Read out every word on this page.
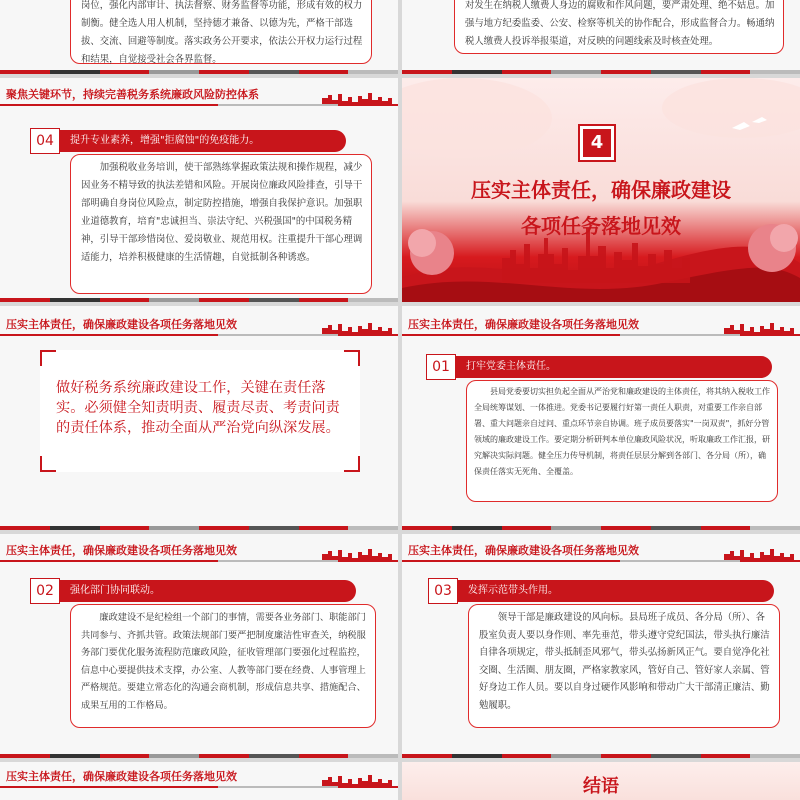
岗位，强化内部审计、执法督察、财务监督等功能，形成有效的权力制衡。健全选人用人机制，坚持德才兼备、以德为先，严格干部选拔、交流、回避等制度。落实政务公开要求，依法公开权力运行过程和结果，自觉接受社会各界监督。

对发生在纳税人缴费人身边的腐败和作风问题，要严肃处理、绝不姑息。加强与地方纪委监委、公安、检察等机关的协作配合，形成监督合力。畅通纳税人缴费人投诉举报渠道，对反映的问题线索及时核查处理。

聚焦关键环节，持续完善税务系统廉政风险防控体系
04	提升专业素养，增强"拒腐蚀"的免疫能力。

加强税收业务培训，使干部熟练掌握政策法规和操作规程，减少因业务不精导致的执法差错和风险。开展岗位廉政风险排查，引导干部明确自身岗位风险点，制定防控措施，增强自我保护意识。加强职业道德教育，培育"忠诚担当、崇法守纪、兴税强国"的中国税务精神，引导干部珍惜岗位、爱岗敬业、规范用权。注重提升干部心理调适能力，培养积极健康的生活情趣，自觉抵制各种诱惑。

4
压实主体责任，确保廉政建设
各项任务落地见效
压实主体责任，确保廉政建设各项任务落地见效
做好税务系统廉政建设工作，关键在责任落实。必须健全知责明责、履责尽责、考责问责的责任体系，推动全面从严治党向纵深发展。
压实主体责任，确保廉政建设各项任务落地见效
01	打牢党委主体责任。

县局党委要切实担负起全面从严治党和廉政建设的主体责任，将其纳入税收工作全局统筹谋划、一体推进。党委书记要履行好第一责任人职责，对重要工作亲自部署、重大问题亲自过问、重点环节亲自协调。班子成员要落实"一岗双责"，抓好分管领域的廉政建设工作。要定期分析研判本单位廉政风险状况，听取廉政工作汇报，研究解决实际问题。健全压力传导机制，将责任层层分解到各部门、各分局（所），确保责任落实无死角、全覆盖。

压实主体责任，确保廉政建设各项任务落地见效
02	强化部门协同联动。

廉政建设不是纪检组一个部门的事情，需要各业务部门、职能部门共同参与、齐抓共管。政策法规部门要严把制度廉洁性审查关，纳税服务部门要优化服务流程防范廉政风险，征收管理部门要强化过程监控，信息中心要提供技术支撑，办公室、人教等部门要在经费、人事管理上严格规范。要建立常态化的沟通会商机制，形成信息共享、措施配合、成果互用的工作格局。

压实主体责任，确保廉政建设各项任务落地见效
03	发挥示范带头作用。

领导干部是廉政建设的风向标。县局班子成员、各分局（所）、各股室负责人要以身作则、率先垂范，带头遵守党纪国法，带头执行廉洁自律各项规定，带头抵制歪风邪气，带头弘扬新风正气。要自觉净化社交圈、生活圈、朋友圈，严格家教家风，管好自己、管好家人亲属、管好身边工作人员。要以自身过硬作风影响和带动广大干部清正廉洁、勤勉履职。

压实主体责任，确保廉政建设各项任务落地见效	结语
